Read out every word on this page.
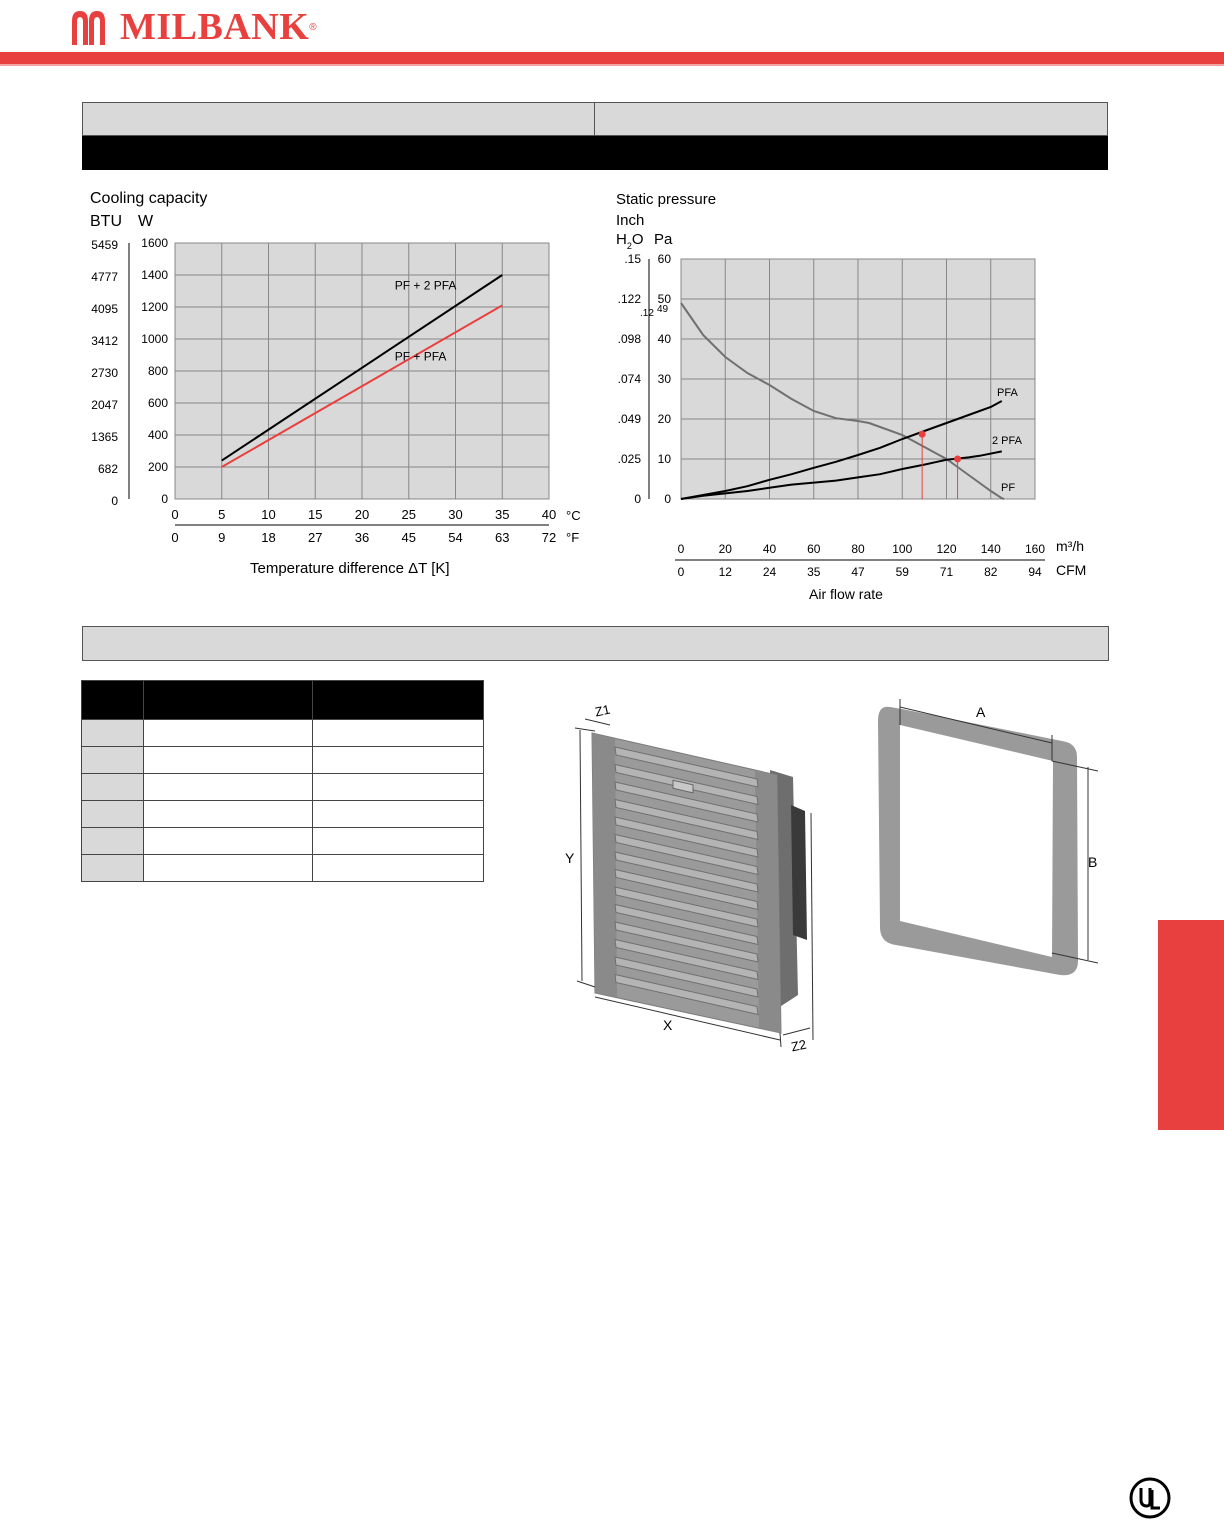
MILBANK ®
Cooling capacity
BTU W
0
0
200
682
400
1365
600
2047
800
2730
1000
3412
1200
4095
1400
4777
1600
5459
0
0
5
9
10
18
15
27
20
36
25
45
30
54
35
63
40
72
°C
°F
PF + 2 PFA
PF + PFA
Temperature difference ΔT [K]
Static pressure
Inch
$H_2O$ Pa
0
0
10
.025
20
.049
30
.074
40
.098
50
.122
60
.15
.12 49
PF
PFA
2 PFA
0
0
20
12
40
24
60
35
80
47
100
59
120
71
140
82
160
94
m³/h
CFM
Air flow rate

Y
Z1
X
Z2
A
B
